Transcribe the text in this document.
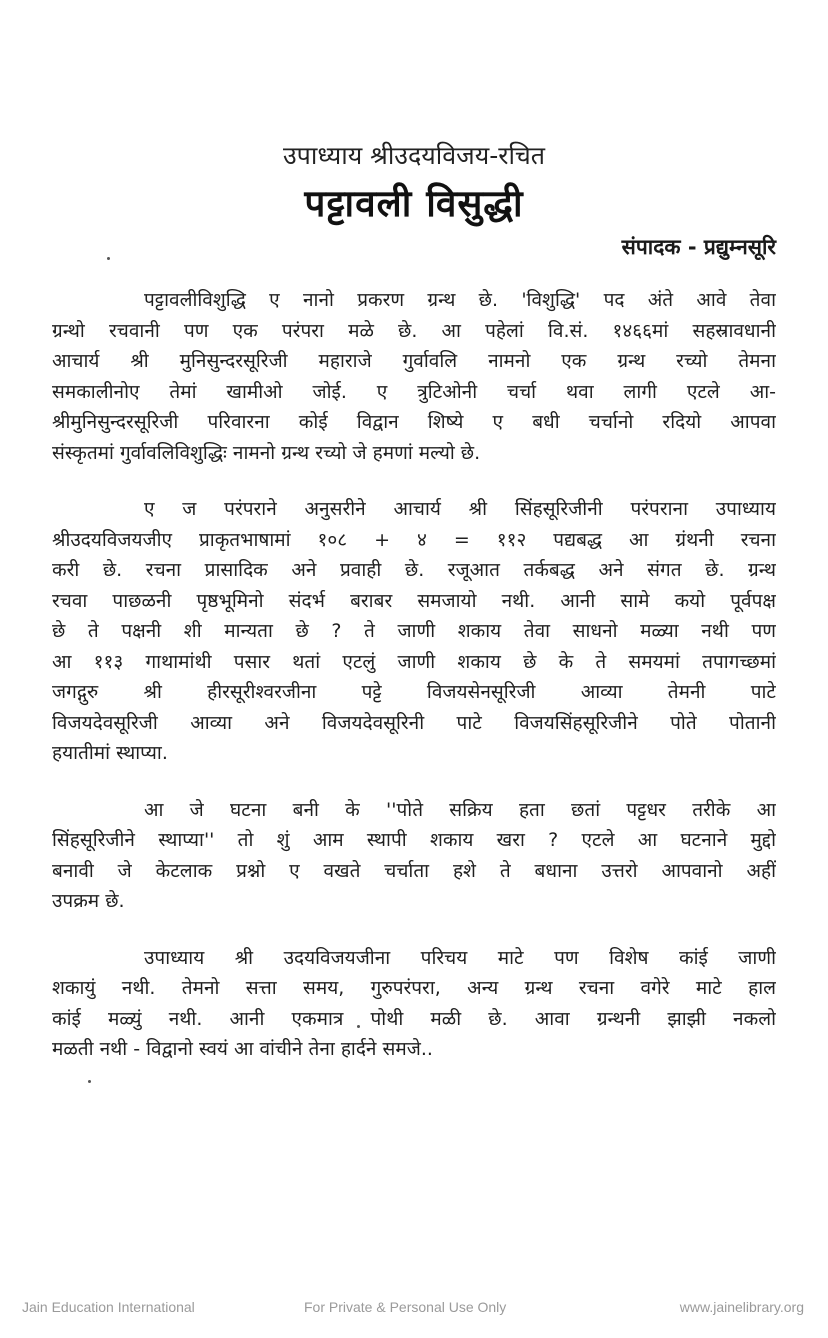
उपाध्याय श्रीउदयविजय-रचित
पट्टावली विसुद्धी
संपादक - प्रद्युम्नसूरि

पट्टावलीविशुद्धि ए नानो प्रकरण ग्रन्थ छे. 'विशुद्धि' पद अंते आवे तेवा
ग्रन्थो रचवानी पण एक परंपरा मळे छे. आ पहेलां वि.सं. १४६६मां सहस्रावधानी
आचार्य श्री मुनिसुन्दरसूरिजी महाराजे गुर्वावलि नामनो एक ग्रन्थ रच्यो तेमना
समकालीनोए तेमां खामीओ जोई. ए त्रुटिओनी चर्चा थवा लागी एटले आ-
श्रीमुनिसुन्दरसूरिजी परिवारना कोई विद्वान शिष्ये ए बधी चर्चानो रदियो आपवा
संस्कृतमां गुर्वावलिविशुद्धिः नामनो ग्रन्थ रच्यो जे हमणां मल्यो छे.

ए ज परंपराने अनुसरीने आचार्य श्री सिंहसूरिजीनी परंपराना उपाध्याय
श्रीउदयविजयजीए प्राकृतभाषामां १०८ + ४ = ११२ पद्यबद्ध आ ग्रंथनी रचना
करी छे. रचना प्रासादिक अने प्रवाही छे. रजूआत तर्कबद्ध अने संगत छे. ग्रन्थ
रचवा पाछळनी पृष्ठभूमिनो संदर्भ बराबर समजायो नथी. आनी सामे कयो पूर्वपक्ष
छे ते पक्षनी शी मान्यता छे ? ते जाणी शकाय तेवा साधनो मळ्या नथी पण
आ ११३ गाथामांथी पसार थतां एटलुं जाणी शकाय छे के ते समयमां तपागच्छमां
जगद्गुरु श्री हीरसूरीश्वरजीना पट्टे विजयसेनसूरिजी आव्या तेमनी पाटे
विजयदेवसूरिजी आव्या अने विजयदेवसूरिनी पाटे विजयसिंहसूरिजीने पोते पोतानी
हयातीमां स्थाप्या.

आ जे घटना बनी के ''पोते सक्रिय हता छतां पट्टधर तरीके आ
सिंहसूरिजीने स्थाप्या'' तो शुं आम स्थापी शकाय खरा ? एटले आ घटनाने मुद्दो
बनावी जे केटलाक प्रश्नो ए वखते चर्चाता हशे ते बधाना उत्तरो आपवानो अहीं
उपक्रम छे.

उपाध्याय श्री उदयविजयजीना परिचय माटे पण विशेष कांई जाणी
शकायुं नथी. तेमनो सत्ता समय, गुरुपरंपरा, अन्य ग्रन्थ रचना वगेरे माटे हाल
कांई मळ्युं नथी. आनी एकमात्र पोथी मळी छे. आवा ग्रन्थनी झाझी नकलो
मळती नथी - विद्वानो स्वयं आ वांचीने तेना हार्दने समजे..

Jain Education International	For Private & Personal Use Only	www.jainelibrary.org
